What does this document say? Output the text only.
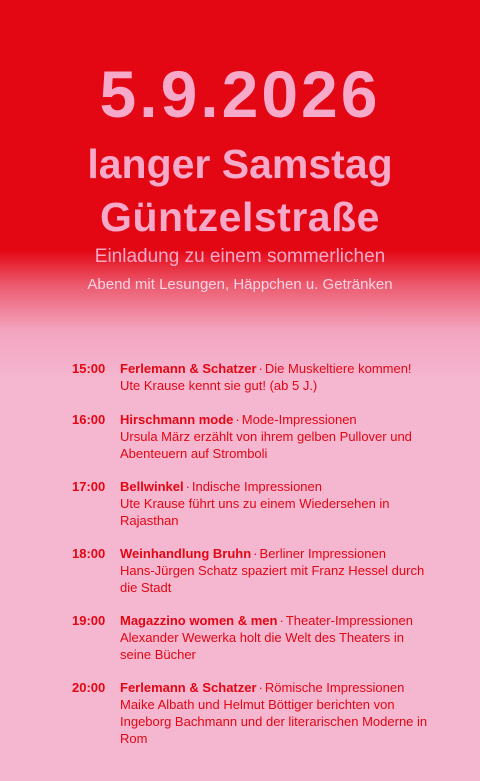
5.9.2026
langer Samstag
Güntzelstraße
Einladung zu einem sommerlichen
Abend mit Lesungen, Häppchen u. Getränken
15:00 Ferlemann & Schatzer · Die Muskeltiere kommen!
Ute Krause kennt sie gut! (ab 5 J.)
16:00 Hirschmann mode · Mode-Impressionen
Ursula März erzählt von ihrem gelben Pullover und Abenteuern auf Stromboli
17:00 Bellwinkel · Indische Impressionen
Ute Krause führt uns zu einem Wiedersehen in Rajasthan
18:00 Weinhandlung Bruhn · Berliner Impressionen
Hans-Jürgen Schatz spaziert mit Franz Hessel durch die Stadt
19:00 Magazzino women & men · Theater-Impressionen
Alexander Wewerka holt die Welt des Theaters in seine Bücher
20:00 Ferlemann & Schatzer · Römische Impressionen
Maike Albath und Helmut Böttiger berichten von Ingeborg Bachmann und der literarischen Moderne in Rom
